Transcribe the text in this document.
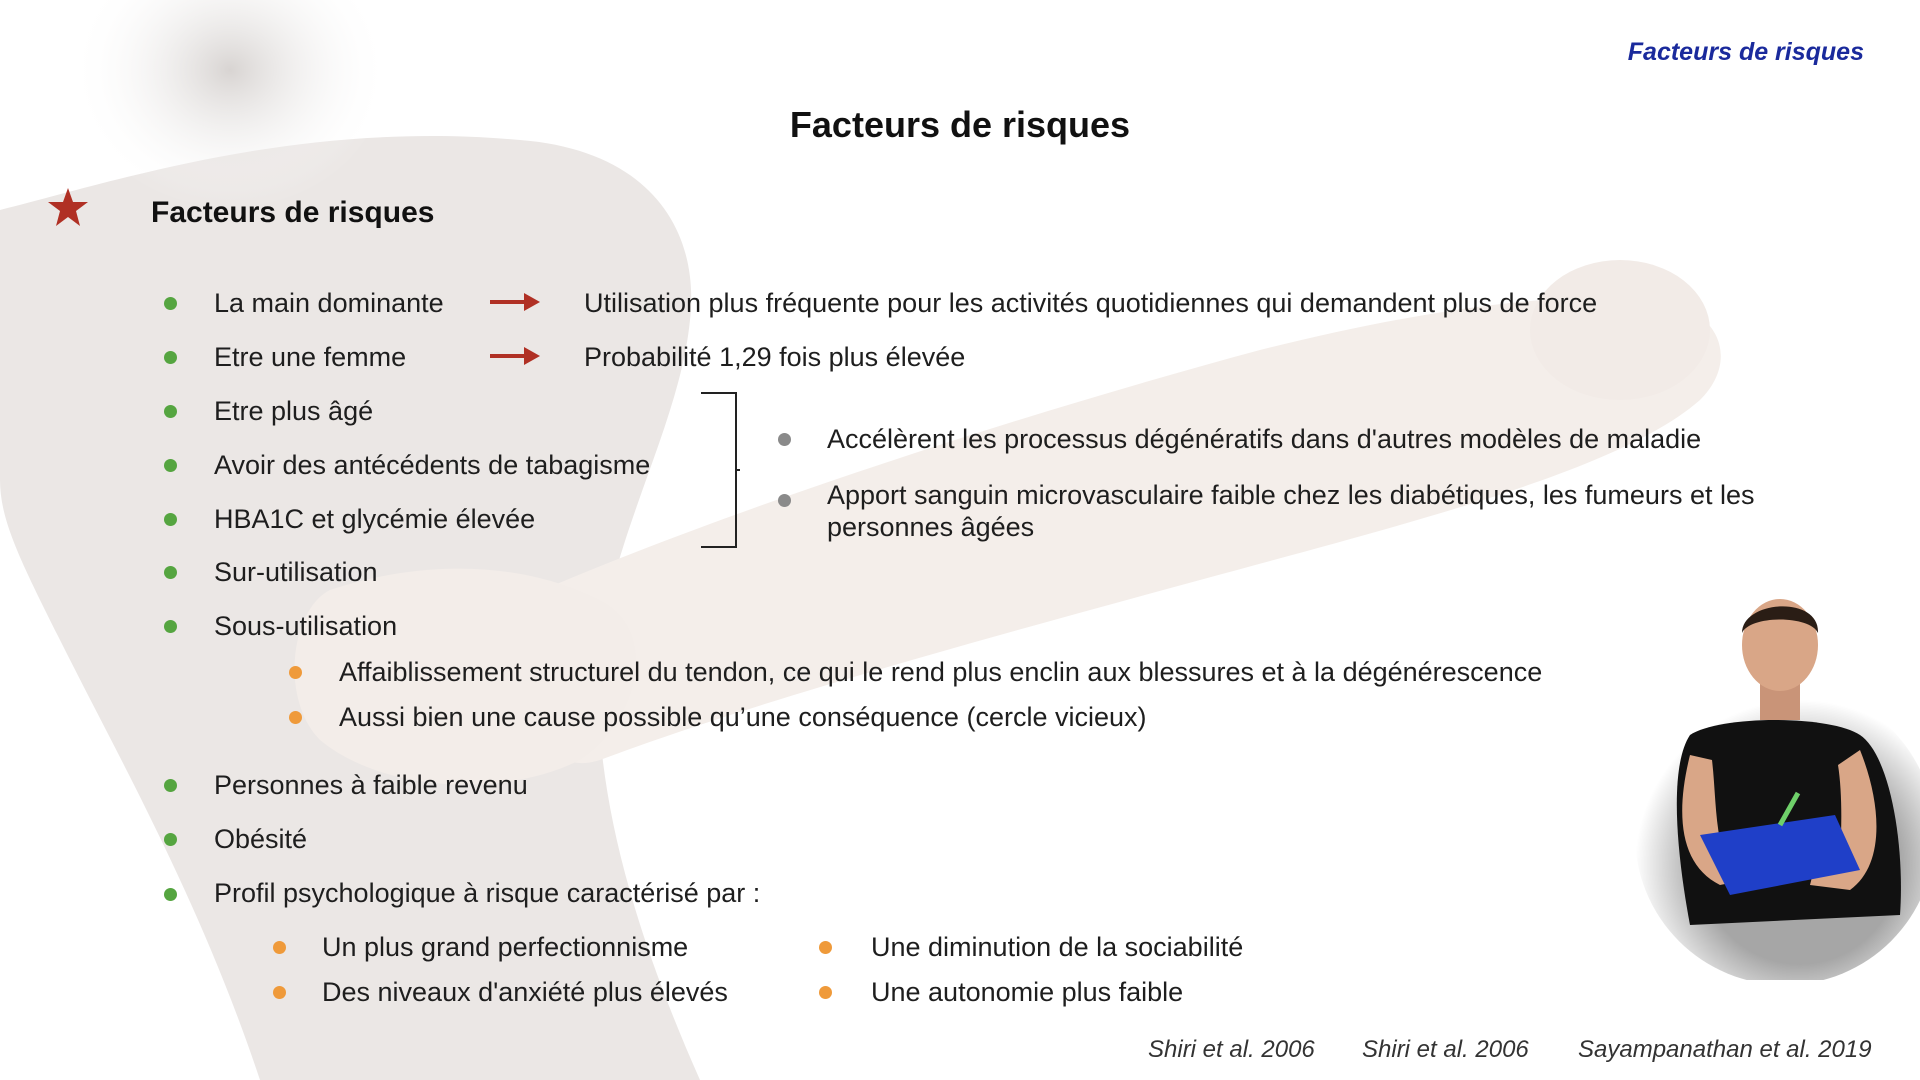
Facteurs de risques
Facteurs de risques
Facteurs de risques
La main dominante	Utilisation plus fréquente pour les activités quotidiennes qui demandent plus de force
Etre une femme	Probabilité 1,29 fois plus élevée
Etre plus âgé
Avoir des antécédents de tabagisme
HBA1C et glycémie élevée
Accélèrent les processus dégénératifs dans d'autres modèles de maladie
Apport sanguin microvasculaire faible chez les diabétiques, les fumeurs et les
personnes âgées
Sur-utilisation
Sous-utilisation
Affaiblissement structurel du tendon, ce qui le rend plus enclin aux blessures et à la dégénérescence
Aussi bien une cause possible qu’une conséquence (cercle vicieux)
Personnes à faible revenu
Obésité
Profil psychologique à risque caractérisé par :
Un plus grand perfectionnisme
Des niveaux d'anxiété plus élevés
Une diminution de la sociabilité
Une autonomie plus faible
Shiri et al. 2006 Shiri et al. 2006 Sayampanathan et al. 2019
